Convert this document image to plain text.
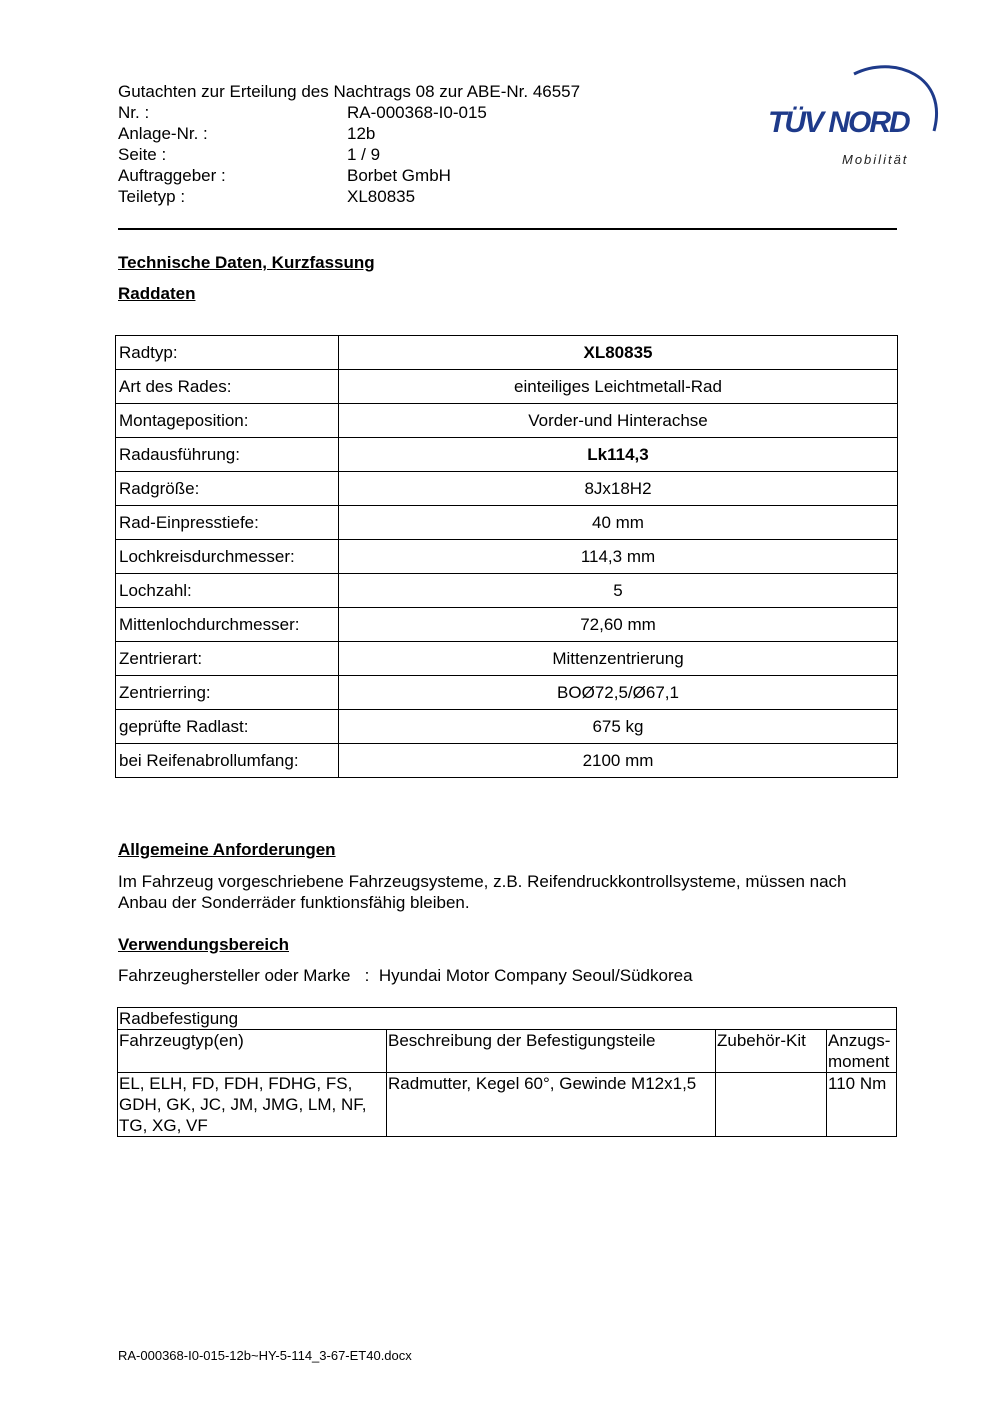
Gutachten zur Erteilung des Nachtrags 08 zur ABE-Nr. 46557
Nr. :	RA-000368-I0-015
Anlage-Nr. :	12b
Seite :	1 / 9
Auftraggeber :	Borbet GmbH
Teiletyp :	XL80835
TÜV NORD
Mobilität
Technische Daten, Kurzfassung
Raddaten
Radtyp:	XL80835
Art des Rades:	einteiliges Leichtmetall-Rad
Montageposition:	Vorder-und Hinterachse
Radausführung:	Lk114,3
Radgröße:	8Jx18H2
Rad-Einpresstiefe:	40 mm
Lochkreisdurchmesser:	114,3 mm
Lochzahl:	5
Mittenlochdurchmesser:	72,60 mm
Zentrierart:	Mittenzentrierung
Zentrierring:	BOØ72,5/Ø67,1
geprüfte Radlast:	675 kg
bei Reifenabrollumfang:	2100 mm
Allgemeine Anforderungen
Im Fahrzeug vorgeschriebene Fahrzeugsysteme, z.B. Reifendruckkontrollsysteme, müssen nach Anbau der Sonderräder funktionsfähig bleiben.
Verwendungsbereich
Fahrzeughersteller oder Marke : Hyundai Motor Company Seoul/Südkorea
Radbefestigung			
Fahrzeugtyp(en)	Beschreibung der Befestigungsteile	Zubehör-Kit	Anzugs-
moment
EL, ELH, FD, FDH, FDHG, FS, GDH, GK, JC, JM, JMG, LM, NF, TG, XG, VF	Radmutter, Kegel 60°, Gewinde M12x1,5		110 Nm
RA-000368-I0-015-12b~HY-5-114_3-67-ET40.docx
